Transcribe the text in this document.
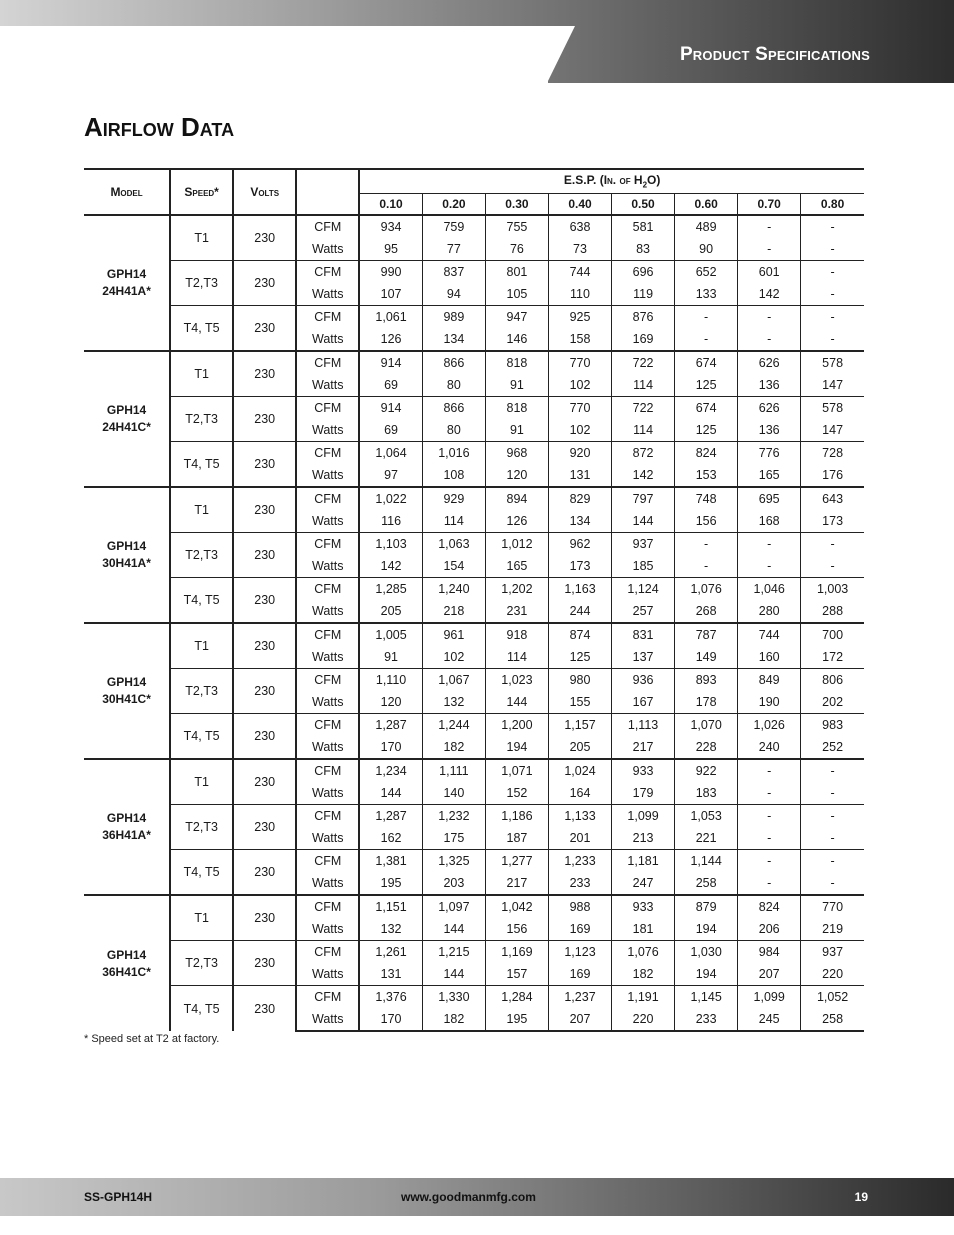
Product Specifications
Airflow Data
Model	Speed*	Volts		E.S.P. (In. of $H_2O$)							
				0.10	0.20	0.30	0.40	0.50	0.60	0.70	0.80

GPH14
24H41A*	T1	230	CFM	934	759	755	638	581	489	-	-
			Watts	95	77	76	73	83	90	-	-
	T2,T3	230	CFM	990	837	801	744	696	652	601	-
			Watts	107	94	105	110	119	133	142	-
	T4, T5	230	CFM	1,061	989	947	925	876	-	-	-
			Watts	126	134	146	158	169	-	-	-

GPH14
24H41C*	T1	230	CFM	914	866	818	770	722	674	626	578
			Watts	69	80	91	102	114	125	136	147
	T2,T3	230	CFM	914	866	818	770	722	674	626	578
			Watts	69	80	91	102	114	125	136	147
	T4, T5	230	CFM	1,064	1,016	968	920	872	824	776	728
			Watts	97	108	120	131	142	153	165	176

GPH14
30H41A*	T1	230	CFM	1,022	929	894	829	797	748	695	643
			Watts	116	114	126	134	144	156	168	173
	T2,T3	230	CFM	1,103	1,063	1,012	962	937	-	-	-
			Watts	142	154	165	173	185	-	-	-
	T4, T5	230	CFM	1,285	1,240	1,202	1,163	1,124	1,076	1,046	1,003
			Watts	205	218	231	244	257	268	280	288

GPH14
30H41C*	T1	230	CFM	1,005	961	918	874	831	787	744	700
			Watts	91	102	114	125	137	149	160	172
	T2,T3	230	CFM	1,110	1,067	1,023	980	936	893	849	806
			Watts	120	132	144	155	167	178	190	202
	T4, T5	230	CFM	1,287	1,244	1,200	1,157	1,113	1,070	1,026	983
			Watts	170	182	194	205	217	228	240	252

GPH14
36H41A*	T1	230	CFM	1,234	1,111	1,071	1,024	933	922	-	-
			Watts	144	140	152	164	179	183	-	-
	T2,T3	230	CFM	1,287	1,232	1,186	1,133	1,099	1,053	-	-
			Watts	162	175	187	201	213	221	-	-
	T4, T5	230	CFM	1,381	1,325	1,277	1,233	1,181	1,144	-	-
			Watts	195	203	217	233	247	258	-	-

GPH14
36H41C*	T1	230	CFM	1,151	1,097	1,042	988	933	879	824	770
			Watts	132	144	156	169	181	194	206	219
	T2,T3	230	CFM	1,261	1,215	1,169	1,123	1,076	1,030	984	937
			Watts	131	144	157	169	182	194	207	220
	T4, T5	230	CFM	1,376	1,330	1,284	1,237	1,191	1,145	1,099	1,052
			Watts	170	182	195	207	220	233	245	258
* Speed set at T2 at factory.
SS-GPH14H	www.goodmanmfg.com	19
